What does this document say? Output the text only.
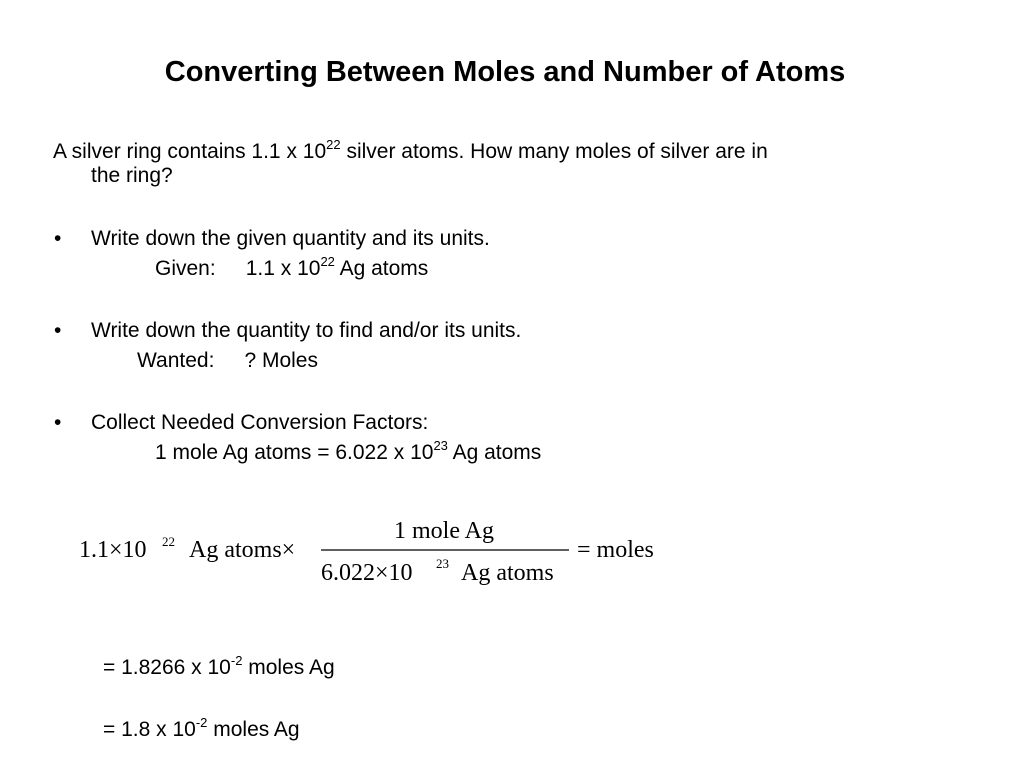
Converting Between Moles and Number of Atoms
A silver ring contains 1.1 x $10^{22}$ silver atoms. How many moles of silver are in
the ring?
• Write down the given quantity and its units.
Given: 1.1 x $10^{22}$ Ag atoms
• Write down the quantity to find and/or its units.
Wanted: ? Moles
• Collect Needed Conversion Factors:
1 mole Ag atoms = 6.022 x $10^{23}$ Ag atoms
1.1×10 22 Ag atoms×
1 mole Ag
6.022×10 23 Ag atoms
= moles
= 1.8266 x $10^{-2}$ moles Ag
= 1.8 x $10^{-2}$ moles Ag
